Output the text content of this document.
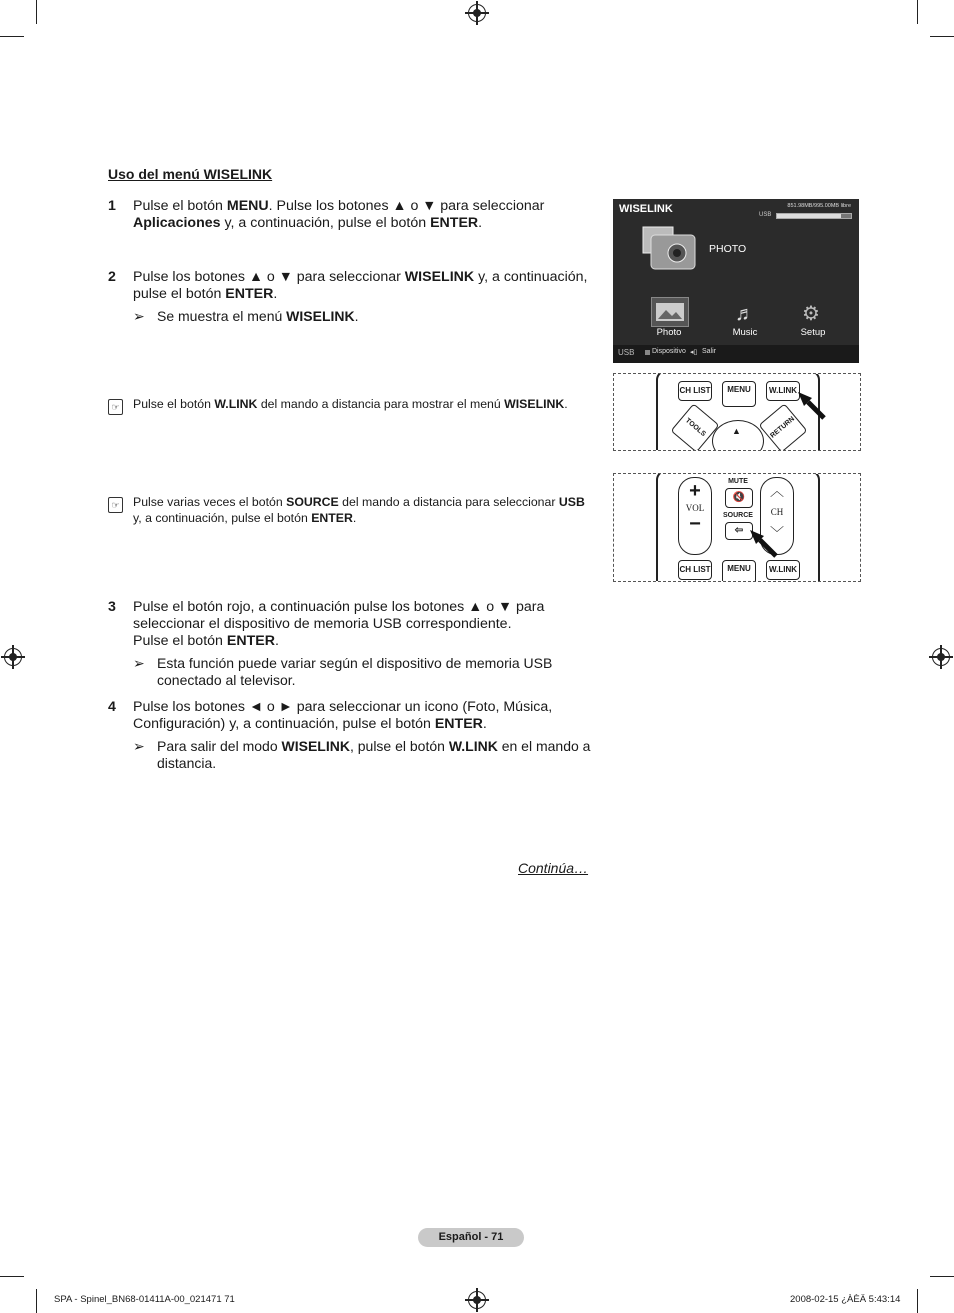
Uso del menú WISELINK
1 Pulse el botón MENU. Pulse los botones ▲ o ▼ para seleccionar Aplicaciones y, a continuación, pulse el botón ENTER.
2 Pulse los botones ▲ o ▼ para seleccionar WISELINK y, a continuación, pulse el botón ENTER.
➢ Se muestra el menú WISELINK.
☞ Pulse el botón W.LINK del mando a distancia para mostrar el menú WISELINK.
☞ Pulse varias veces el botón SOURCE del mando a distancia para seleccionar USB y, a continuación, pulse el botón ENTER.
3 Pulse el botón rojo, a continuación pulse los botones ▲ o ▼ para seleccionar el dispositivo de memoria USB correspondiente.
Pulse el botón ENTER.
➢ Esta función puede variar según el dispositivo de memoria USB conectado al televisor.
4 Pulse los botones ◄ o ► para seleccionar un icono (Foto, Música, Configuración) y, a continuación, pulse el botón ENTER.
➢ Para salir del modo WISELINK, pulse el botón W.LINK en el mando a distancia.
Continúa…
WISELINK	851.98MB/995.00MB libre
USB
PHOTO
Photo
♬
Music
⚙
Setup
USB	Dispositivo ◂▯ Salir
CH LIST	MENU	W.LINK
TOOLS	▲	RETURN
+
VOL
−
MUTE
🔇
SOURCE
⇦
︿
CH
﹀
CH LIST	MENU	W.LINK
Español - 71
SPA - Spinel_BN68-01411A-00_021471 71	2008-02-15 ¿ÀÈÄ 5:43:14
